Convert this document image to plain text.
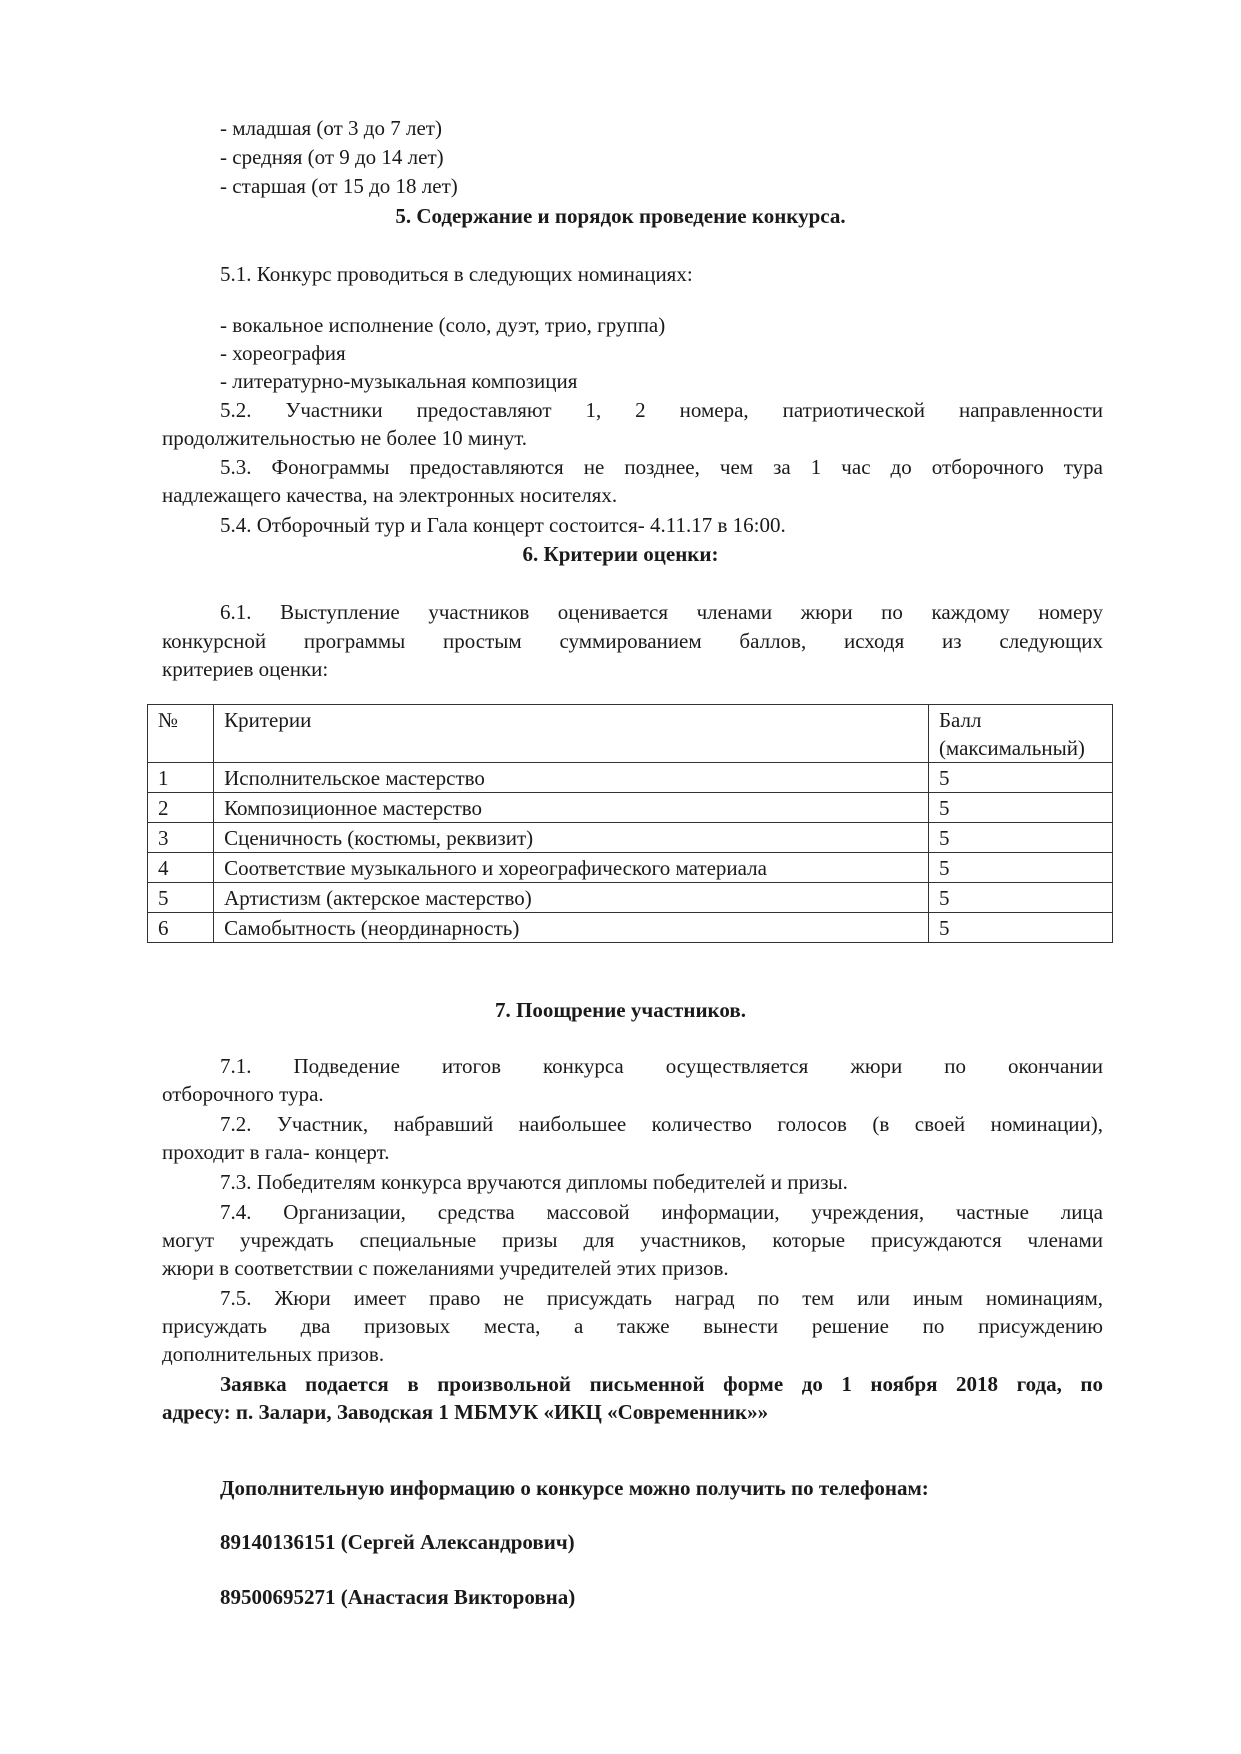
- младшая (от 3 до 7 лет)

- средняя (от 9 до 14 лет)

- старшая (от 15 до 18 лет)

5. Содержание и порядок проведение конкурса.

5.1. Конкурс проводиться в следующих номинациях:

- вокальное исполнение (соло, дуэт, трио, группа)

- хореография

- литературно-музыкальная композиция

5.2. Участники предоставляют 1, 2 номера, патриотической направленности

продолжительностью не более 10 минут.

5.3. Фонограммы предоставляются не позднее, чем за 1 час до отборочного тура

надлежащего качества, на электронных носителях.

5.4. Отборочный тур и Гала концерт состоится- 4.11.17 в 16:00.

6. Критерии оценки:

6.1. Выступление участников оценивается членами жюри по каждому номеру

конкурсной программы простым суммированием баллов, исходя из следующих

критериев оценки:

№	Критерии	Балл
(максимальный)
1	Исполнительское мастерство	5
2	Композиционное мастерство	5
3	Сценичность (костюмы, реквизит)	5
4	Соответствие музыкального и хореографического материала	5
5	Артистизм (актерское мастерство)	5
6	Самобытность (неординарность)	5

7. Поощрение участников.

7.1. Подведение итогов конкурса осуществляется жюри по окончании

отборочного тура.

7.2. Участник, набравший наибольшее количество голосов (в своей номинации),

проходит в гала- концерт.

7.3. Победителям конкурса вручаются дипломы победителей и призы.

7.4. Организации, средства массовой информации, учреждения, частные лица

могут учреждать специальные призы для участников, которые присуждаются членами

жюри в соответствии с пожеланиями учредителей этих призов.

7.5. Жюри имеет право не присуждать наград по тем или иным номинациям,

присуждать два призовых места, а также вынести решение по присуждению

дополнительных призов.

Заявка подается в произвольной письменной форме до 1 ноября 2018 года, по

адресу: п. Залари, Заводская 1 МБМУК «ИКЦ «Современник»»

Дополнительную информацию о конкурсе можно получить по телефонам:

89140136151 (Сергей Александрович)

89500695271 (Анастасия Викторовна)
